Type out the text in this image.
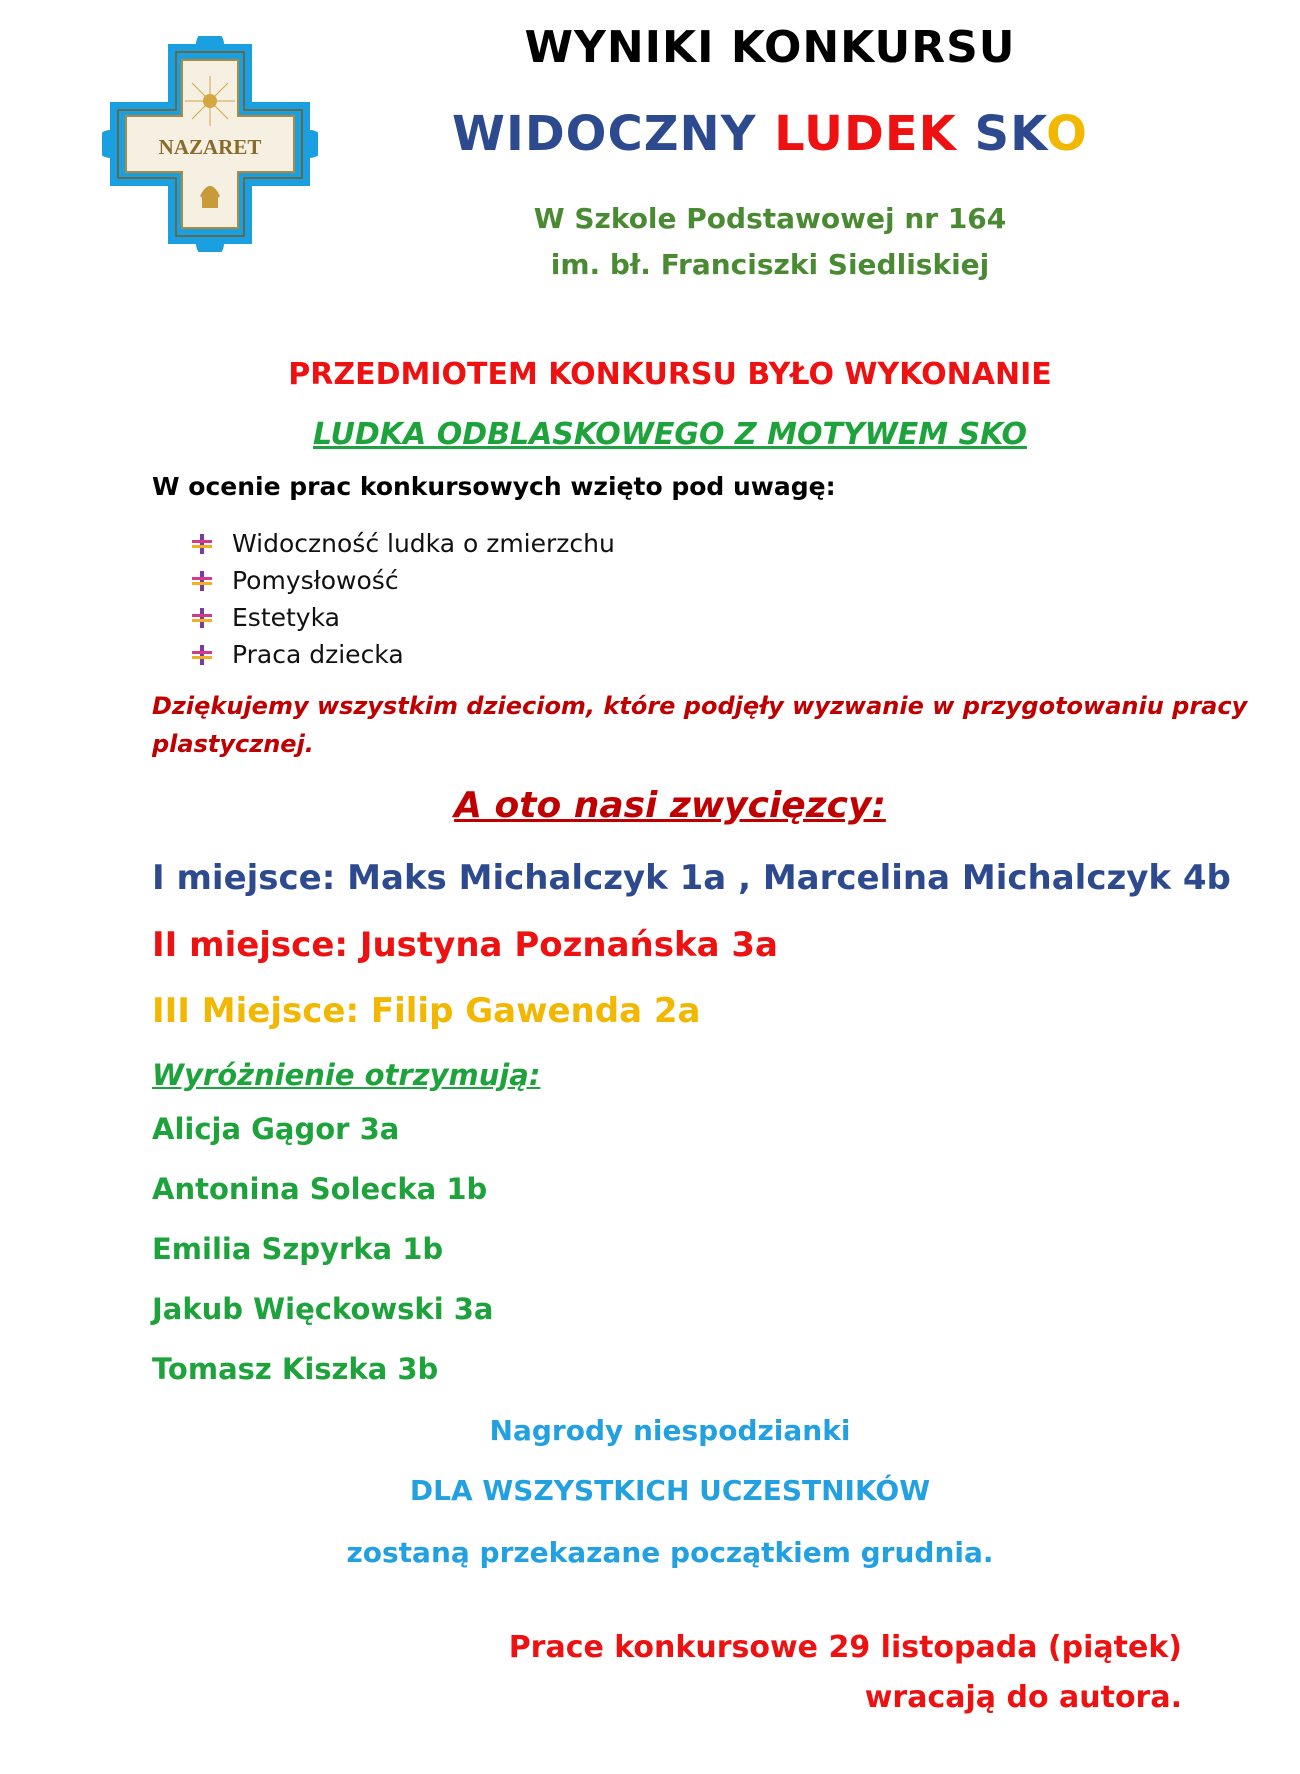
NAZARET
WYNIKI KONKURSU
WIDOCZNY LUDEK SKO
W Szkole Podstawowej nr 164
im. bł. Franciszki Siedliskiej
PRZEDMIOTEM KONKURSU BYŁO WYKONANIE
LUDKA ODBLASKOWEGO Z MOTYWEM SKO
W ocenie prac konkursowych wzięto pod uwagę:
Widoczność ludka o zmierzchu
Pomysłowość
Estetyka
Praca dziecka
Dziękujemy wszystkim dzieciom, które podjęły wyzwanie w przygotowaniu pracy
plastycznej.
A oto nasi zwycięzcy:
I miejsce: Maks Michalczyk 1a , Marcelina Michalczyk 4b
II miejsce: Justyna Poznańska 3a
III Miejsce: Filip Gawenda 2a
Wyróżnienie otrzymują:
Alicja Gągor 3a
Antonina Solecka 1b
Emilia Szpyrka 1b
Jakub Więckowski 3a
Tomasz Kiszka 3b
Nagrody niespodzianki
DLA WSZYSTKICH UCZESTNIKÓW
zostaną przekazane początkiem grudnia.
Prace konkursowe 29 listopada (piątek)
wracają do autora.
